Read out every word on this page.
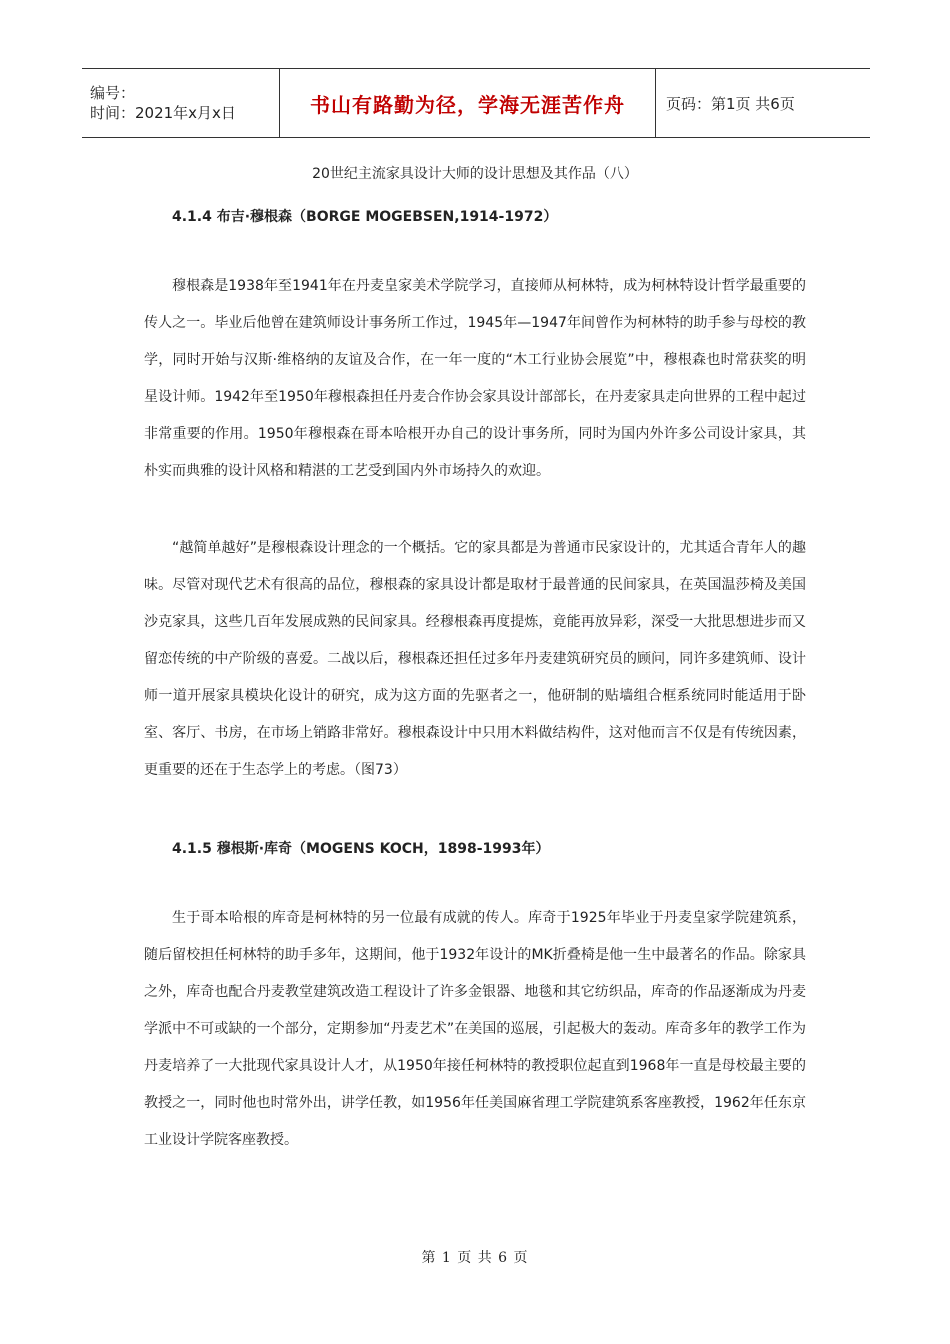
编号：
时间：2021年x月x日	书山有路勤为径，学海无涯苦作舟	页码：第1页 共6页
20世纪主流家具设计大师的设计思想及其作品（八）
4.1.4 布吉·穆根森（BORGE MOGEBSEN,1914-1972）
穆根森是1938年至1941年在丹麦皇家美术学院学习，直接师从柯林特，成为柯林特设计哲学最重要的传人之一。毕业后他曾在建筑师设计事务所工作过，1945年—1947年间曾作为柯林特的助手参与母校的教学，同时开始与汉斯·维格纳的友谊及合作，在一年一度的“木工行业协会展览”中，穆根森也时常获奖的明星设计师。1942年至1950年穆根森担任丹麦合作协会家具设计部部长，在丹麦家具走向世界的工程中起过非常重要的作用。1950年穆根森在哥本哈根开办自己的设计事务所，同时为国内外许多公司设计家具，其朴实而典雅的设计风格和精湛的工艺受到国内外市场持久的欢迎。
“越简单越好”是穆根森设计理念的一个概括。它的家具都是为普通市民家设计的，尤其适合青年人的趣味。尽管对现代艺术有很高的品位，穆根森的家具设计都是取材于最普通的民间家具，在英国温莎椅及美国沙克家具，这些几百年发展成熟的民间家具。经穆根森再度提炼，竟能再放异彩，深受一大批思想进步而又留恋传统的中产阶级的喜爱。二战以后，穆根森还担任过多年丹麦建筑研究员的顾问，同许多建筑师、设计师一道开展家具模块化设计的研究，成为这方面的先驱者之一，他研制的贴墙组合框系统同时能适用于卧室、客厅、书房，在市场上销路非常好。穆根森设计中只用木料做结构件，这对他而言不仅是有传统因素，更重要的还在于生态学上的考虑。（图73）
4.1.5 穆根斯·库奇（MOGENS KOCH，1898-1993年）
生于哥本哈根的库奇是柯林特的另一位最有成就的传人。库奇于1925年毕业于丹麦皇家学院建筑系，随后留校担任柯林特的助手多年，这期间，他于1932年设计的MK折叠椅是他一生中最著名的作品。除家具之外，库奇也配合丹麦教堂建筑改造工程设计了许多金银器、地毯和其它纺织品，库奇的作品逐渐成为丹麦学派中不可或缺的一个部分，定期参加“丹麦艺术”在美国的巡展，引起极大的轰动。库奇多年的教学工作为丹麦培养了一大批现代家具设计人才，从1950年接任柯林特的教授职位起直到1968年一直是母校最主要的教授之一，同时他也时常外出，讲学任教，如1956年任美国麻省理工学院建筑系客座教授，1962年任东京工业设计学院客座教授。
第 1 页 共 6 页
